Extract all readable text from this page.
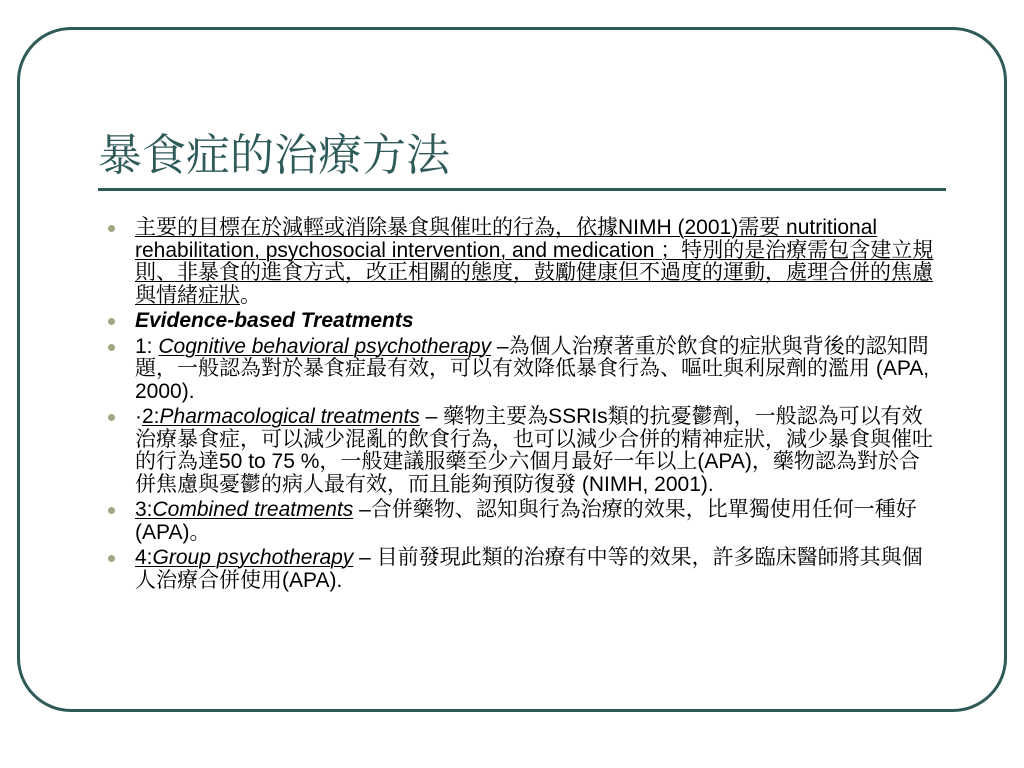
暴食症的治療方法
主要的目標在於減輕或消除暴食與催吐的行為，依據NIMH (2001)需要 nutritional rehabilitation, psychosocial intervention, and medication ；特別的是治療需包含建立規則、非暴食的進食方式，改正相關的態度，鼓勵健康但不過度的運動，處理合併的焦慮與情緒症狀。
Evidence-based Treatments
1: Cognitive behavioral psychotherapy –為個人治療著重於飲食的症狀與背後的認知問題，一般認為對於暴食症最有效，可以有效降低暴食行為、嘔吐與利尿劑的濫用 (APA, 2000).
·2:Pharmacological treatments – 藥物主要為SSRIs類的抗憂鬱劑，一般認為可以有效治療暴食症，可以減少混亂的飲食行為，也可以減少合併的精神症狀，減少暴食與催吐的行為達50 to 75 %，一般建議服藥至少六個月最好一年以上(APA)，藥物認為對於合併焦慮與憂鬱的病人最有效，而且能夠預防復發 (NIMH, 2001).
3:Combined treatments –合併藥物、認知與行為治療的效果，比單獨使用任何一種好 (APA)。
4:Group psychotherapy – 目前發現此類的治療有中等的效果，許多臨床醫師將其與個人治療合併使用(APA).
